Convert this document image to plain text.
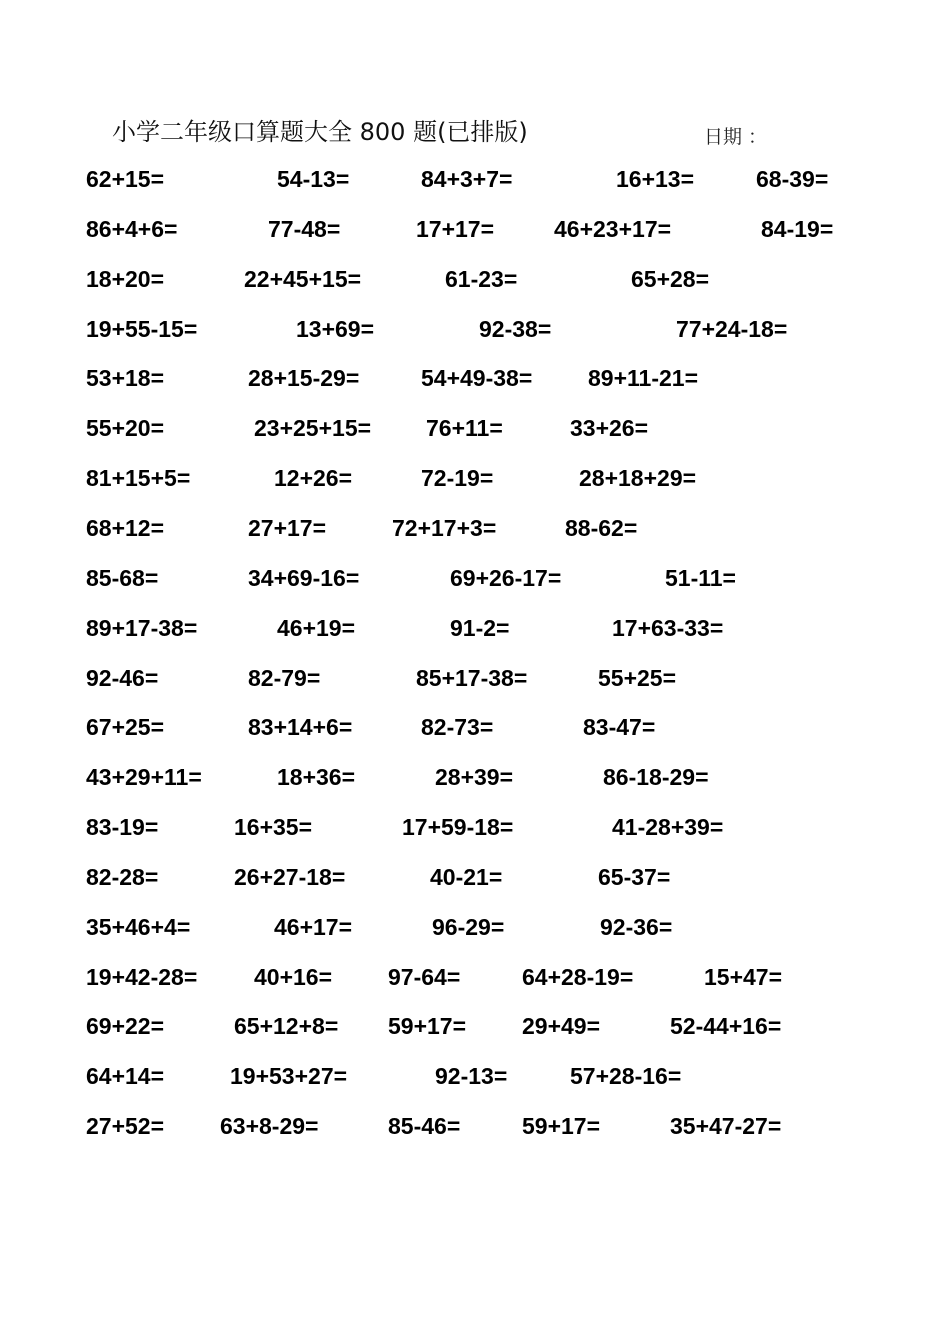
小学二年级口算题大全 800 题(已排版)	日期 ：
62+15=	54-13=	84+3+7=	16+13=	68-39=
86+4+6=	77-48=	17+17=	46+23+17=	84-19=
18+20=	22+45+15=	61-23=	65+28=
19+55-15=	13+69=	92-38=	77+24-18=
53+18=	28+15-29=	54+49-38= 89+11-21=
55+20=	23+25+15= 76+11=	33+26=
81+15+5=	12+26=	72-19=	28+18+29=
68+12=	27+17=	72+17+3=	88-62=
85-68=	34+69-16=	69+26-17=	51-11=
89+17-38=	46+19=	91-2=	17+63-33=
92-46=	82-79=	85+17-38=	55+25=
67+25=	83+14+6=	82-73=	83-47=
43+29+11=	18+36=	28+39=	86-18-29=
83-19=	16+35=	17+59-18=	41-28+39=
82-28=	26+27-18=	40-21=	65-37=
35+46+4=	46+17=	96-29=	92-36=
19+42-28= 40+16= 97-64=	64+28-19=	15+47=
69+22=	65+12+8= 59+17= 29+49=	52-44+16=
64+14=	19+53+27=	92-13=	57+28-16=
27+52= 63+8-29=	85-46=	59+17=	35+47-27=
